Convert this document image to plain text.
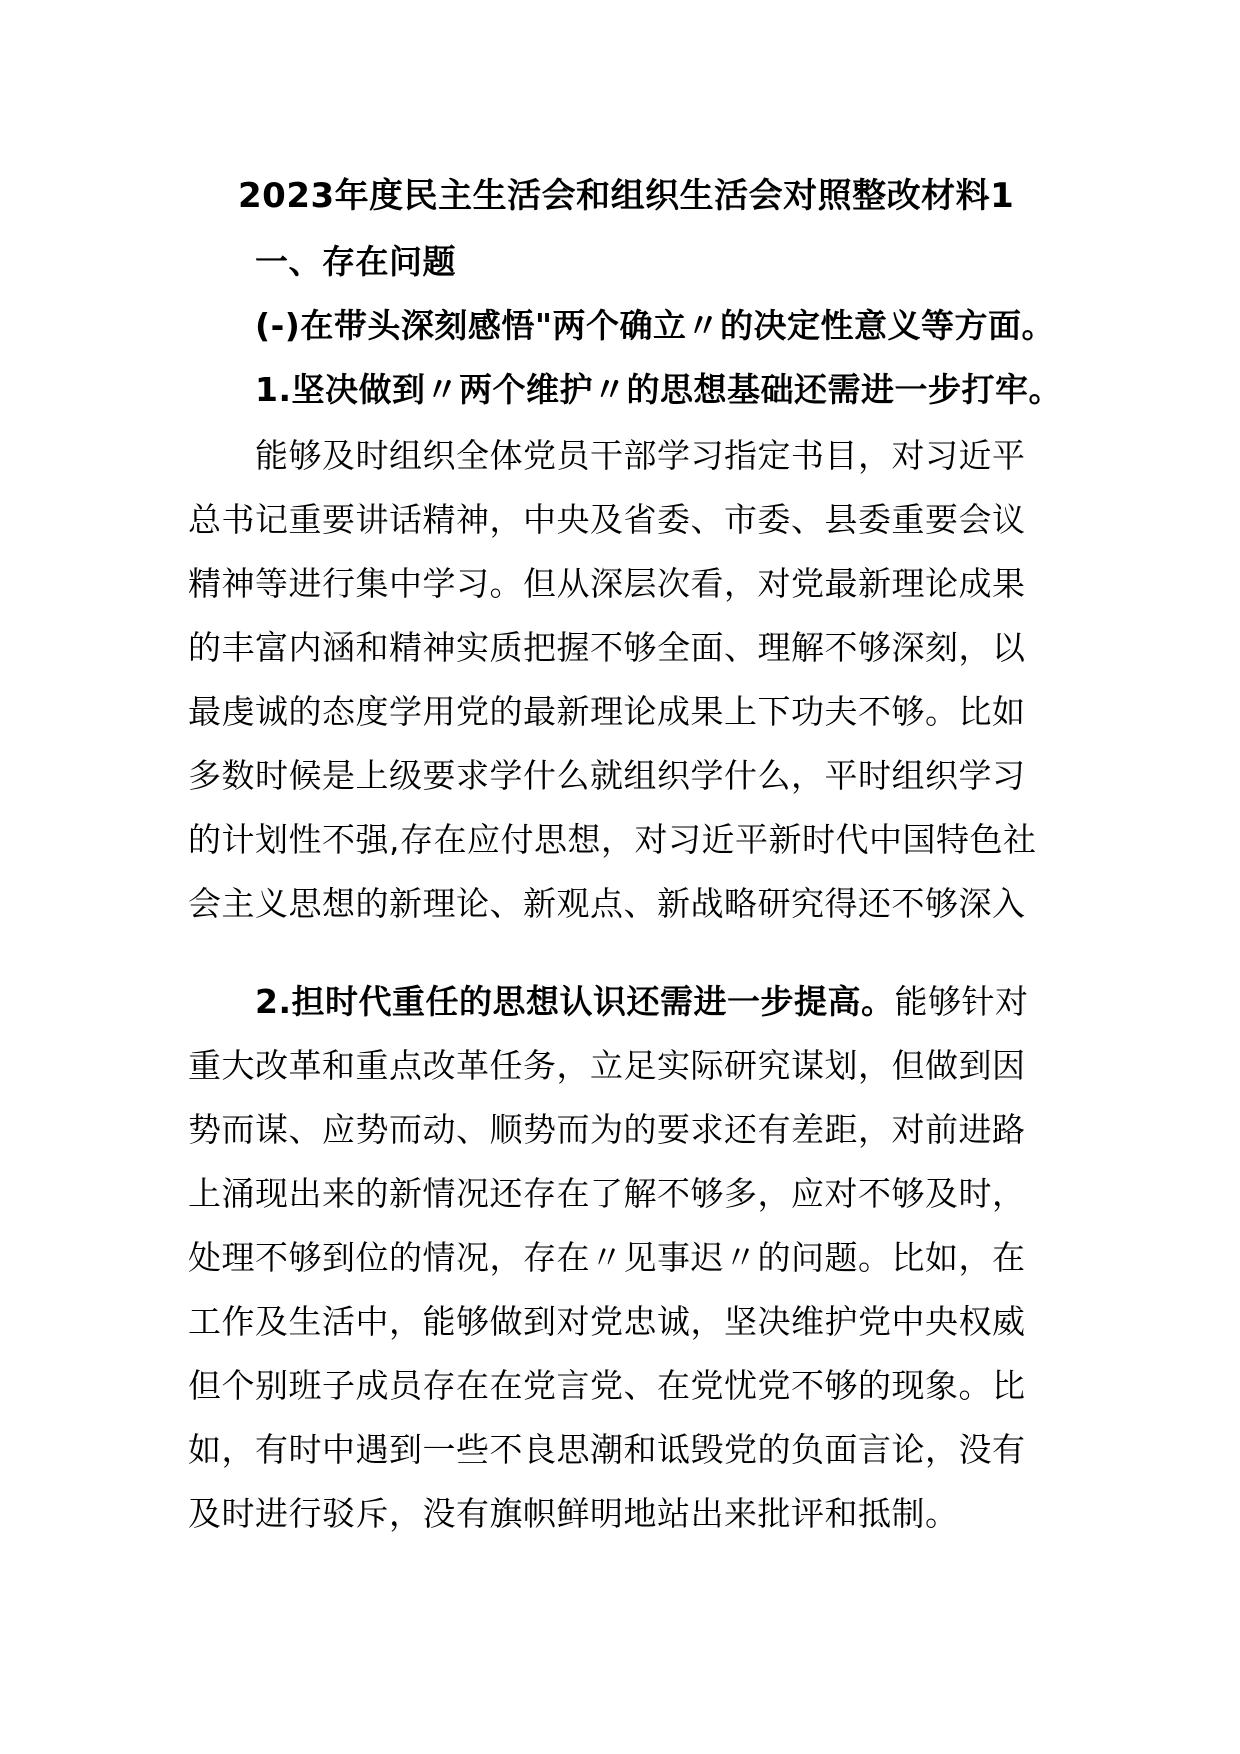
2023年度民主生活会和组织生活会对照整改材料1
一、存在问题
(-)在带头深刻感悟"两个确立〃的决定性意义等方面。
1.坚决做到〃两个维护〃的思想基础还需进一步打牢。
能够及时组织全体党员干部学习指定书目，对习近平
总书记重要讲话精神，中央及省委、市委、县委重要会议
精神等进行集中学习。但从深层次看，对党最新理论成果
的丰富内涵和精神实质把握不够全面、理解不够深刻，以
最虔诚的态度学用党的最新理论成果上下功夫不够。比如
多数时候是上级要求学什么就组织学什么，平时组织学习
的计划性不强,存在应付思想，对习近平新时代中国特色社
会主义思想的新理论、新观点、新战略研究得还不够深入
2.担时代重任的思想认识还需进一步提高。能够针对
重大改革和重点改革任务，立足实际研究谋划，但做到因
势而谋、应势而动、顺势而为的要求还有差距，对前进路
上涌现出来的新情况还存在了解不够多，应对不够及时，
处理不够到位的情况，存在〃见事迟〃的问题。比如，在
工作及生活中，能够做到对党忠诚，坚决维护党中央权威
但个别班子成员存在在党言党、在党忧党不够的现象。比
如，有时中遇到一些不良思潮和诋毁党的负面言论，没有
及时进行驳斥，没有旗帜鲜明地站出来批评和抵制。
